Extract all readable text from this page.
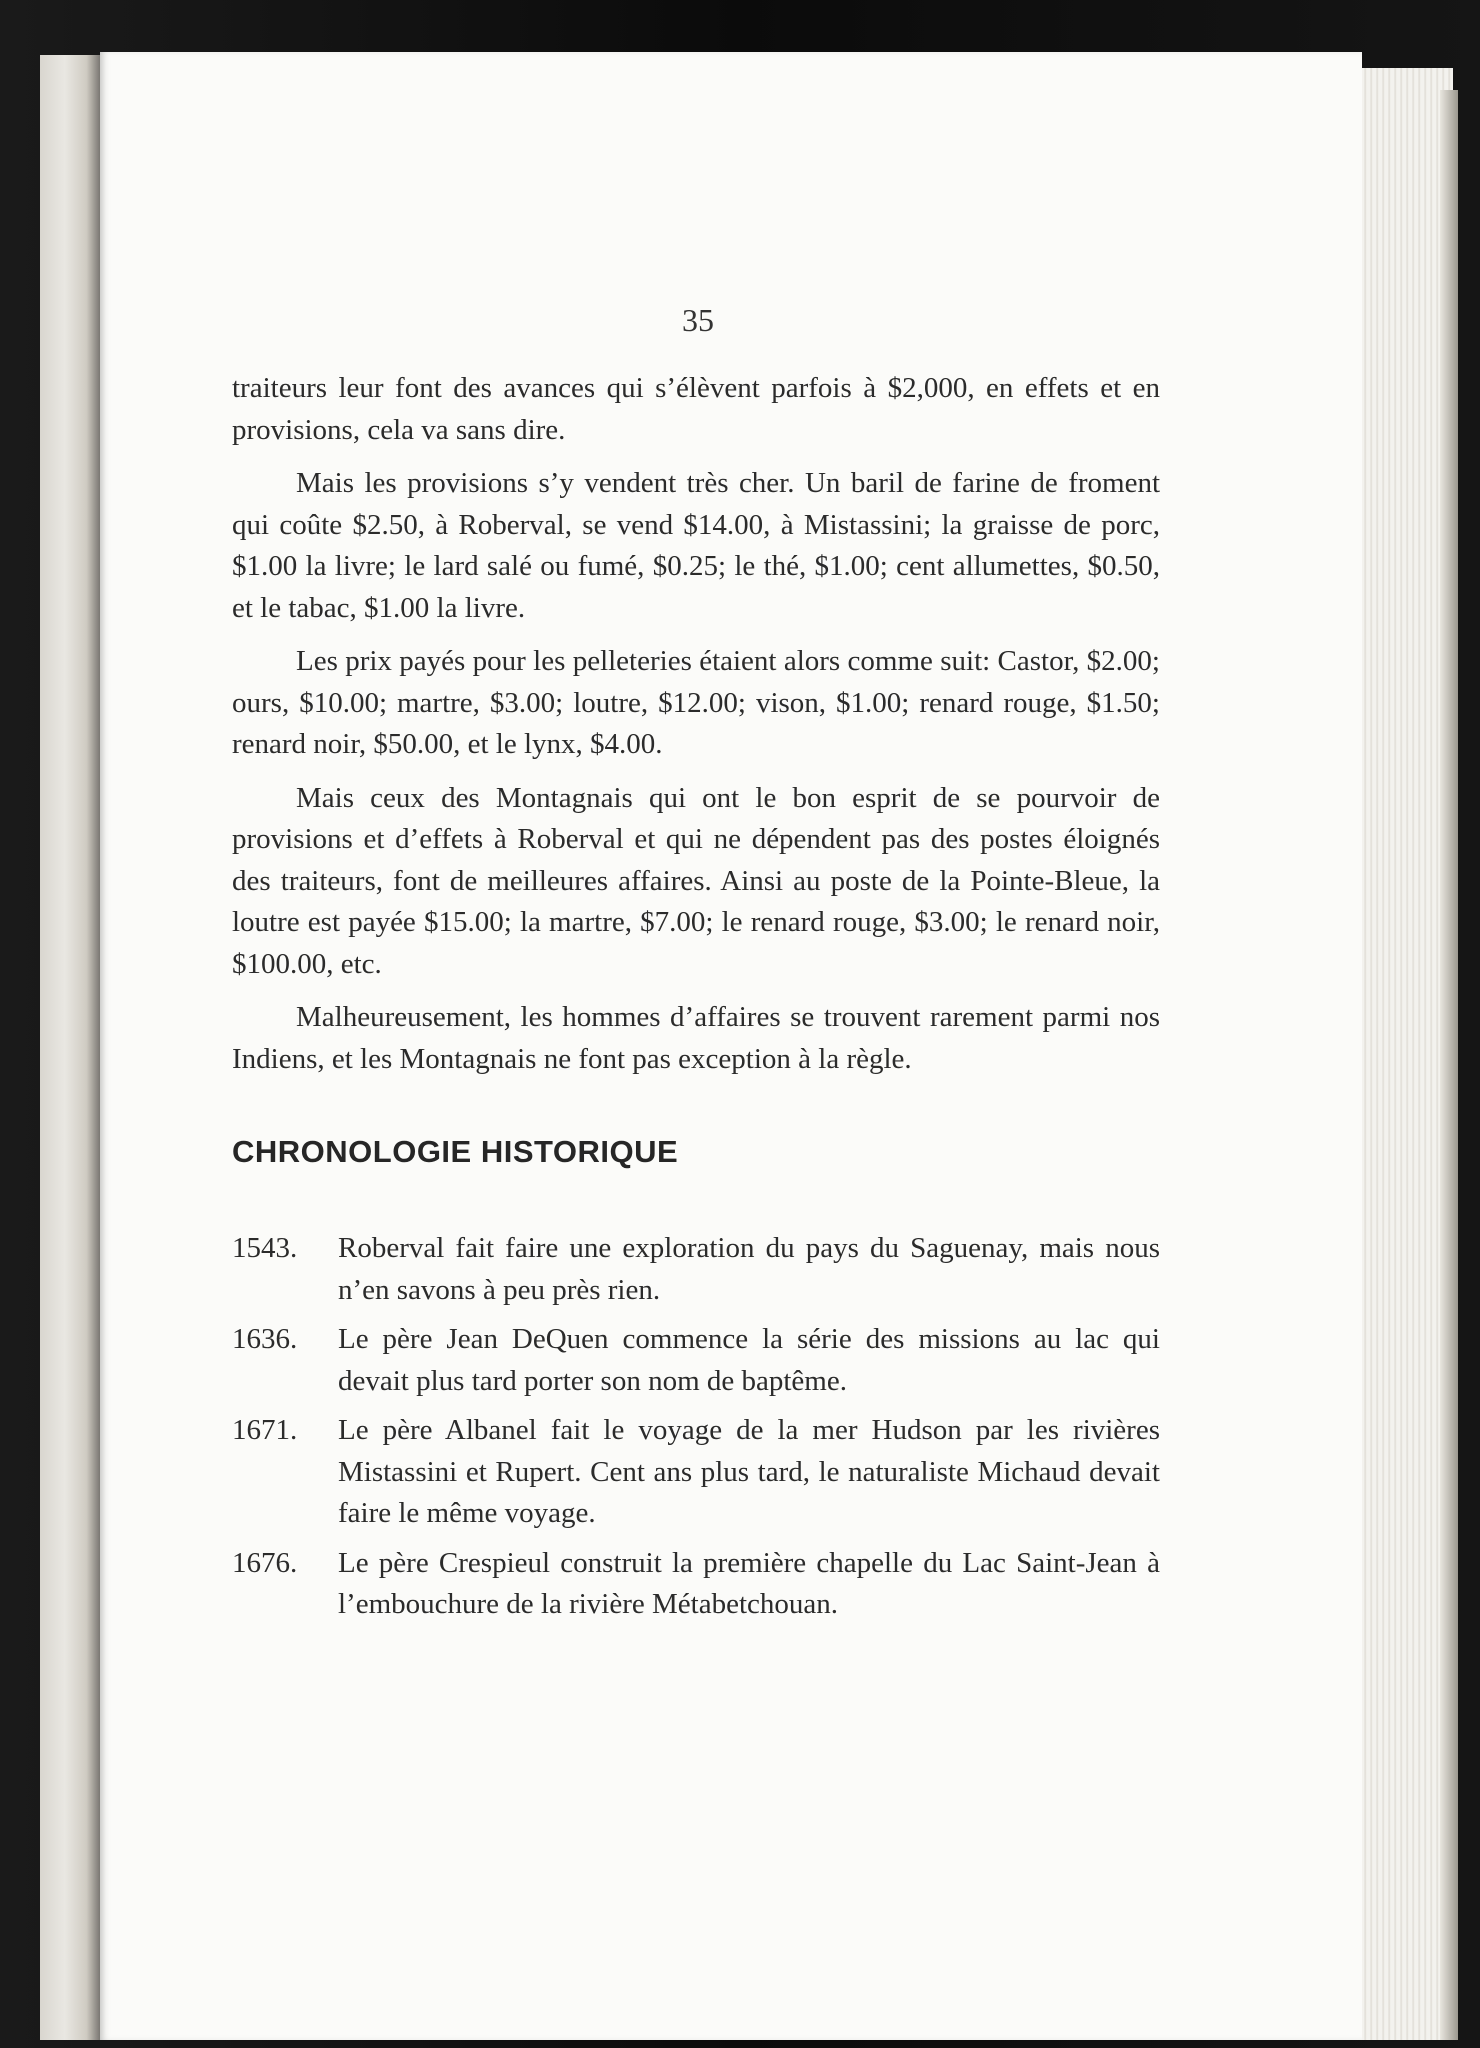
35

traiteurs leur font des avances qui s’élèvent parfois à $2,000, en effets et en provisions, cela va sans dire.

Mais les provisions s’y vendent très cher. Un baril de farine de froment qui coûte $2.50, à Roberval, se vend $14.00, à Mistassini; la graisse de porc, $1.00 la livre; le lard salé ou fumé, $0.25; le thé, $1.00; cent allumettes, $0.50, et le tabac, $1.00 la livre.

Les prix payés pour les pelleteries étaient alors comme suit: Castor, $2.00; ours, $10.00; martre, $3.00; loutre, $12.00; vison, $1.00; renard rouge, $1.50; renard noir, $50.00, et le lynx, $4.00.

Mais ceux des Montagnais qui ont le bon esprit de se pourvoir de provisions et d’effets à Roberval et qui ne dépendent pas des postes éloignés des traiteurs, font de meilleures affaires. Ainsi au poste de la Pointe-Bleue, la loutre est payée $15.00; la martre, $7.00; le renard rouge, $3.00; le renard noir, $100.00, etc.

Malheureusement, les hommes d’affaires se trouvent rarement parmi nos Indiens, et les Montagnais ne font pas exception à la règle.

CHRONOLOGIE HISTORIQUE
1543.	Roberval fait faire une exploration du pays du Saguenay, mais nous n’en savons à peu près rien.
1636.	Le père Jean DeQuen commence la série des missions au lac qui devait plus tard porter son nom de baptême.
1671.	Le père Albanel fait le voyage de la mer Hudson par les rivières Mistassini et Rupert. Cent ans plus tard, le naturaliste Michaud devait faire le même voyage.
1676.	Le père Crespieul construit la première chapelle du Lac Saint-Jean à l’embouchure de la rivière Métabetchouan.
